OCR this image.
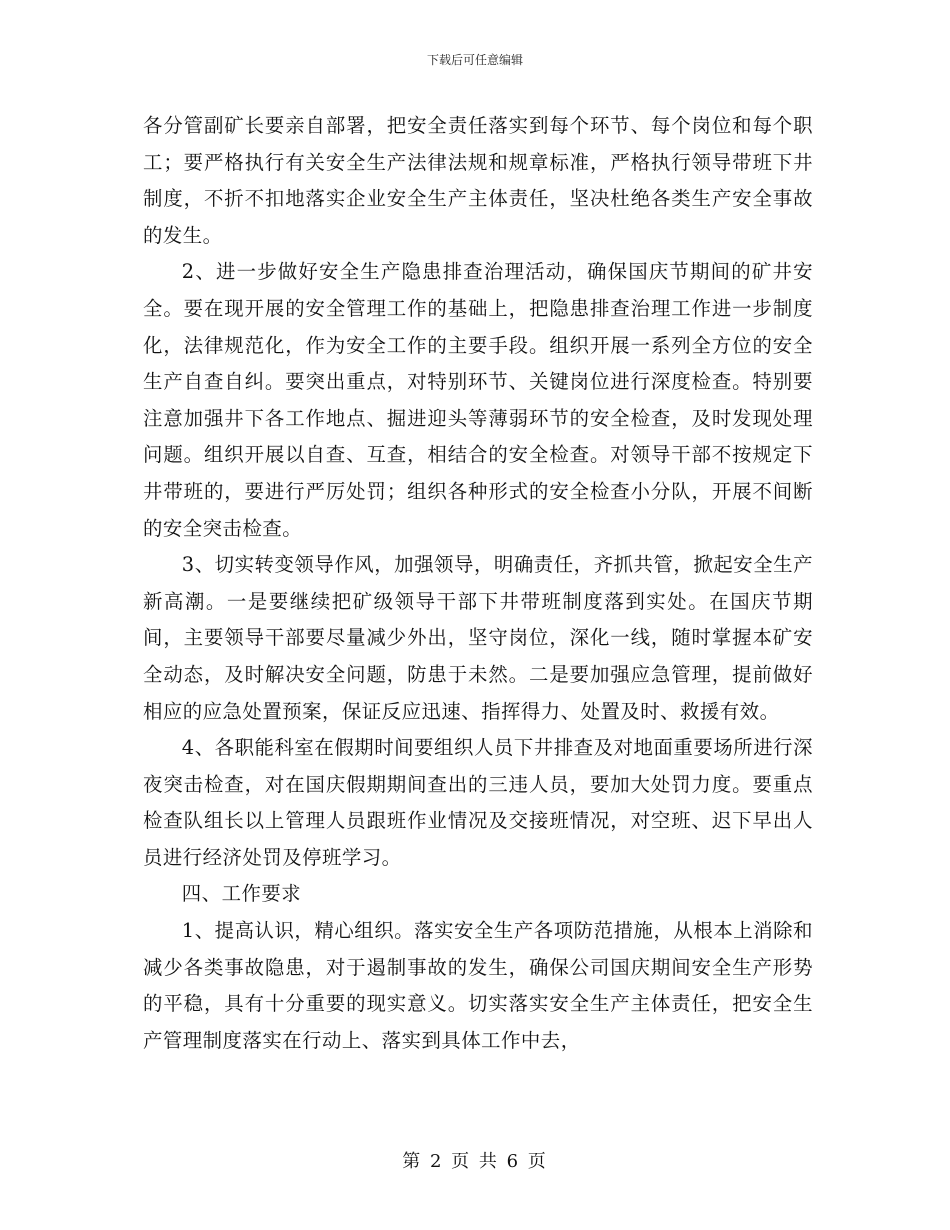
下载后可任意编辑

各分管副矿长要亲自部署，把安全责任落实到每个环节、每个岗位和每个职工；要严格执行有关安全生产法律法规和规章标准，严格执行领导带班下井制度，不折不扣地落实企业安全生产主体责任，坚决杜绝各类生产安全事故的发生。

2、进一步做好安全生产隐患排查治理活动，确保国庆节期间的矿井安全。要在现开展的安全管理工作的基础上，把隐患排查治理工作进一步制度化，法律规范化，作为安全工作的主要手段。组织开展一系列全方位的安全生产自查自纠。要突出重点，对特别环节、关键岗位进行深度检查。特别要注意加强井下各工作地点、掘进迎头等薄弱环节的安全检查，及时发现处理问题。组织开展以自查、互查，相结合的安全检查。对领导干部不按规定下井带班的，要进行严厉处罚；组织各种形式的安全检查小分队，开展不间断的安全突击检查。

3、切实转变领导作风，加强领导，明确责任，齐抓共管，掀起安全生产新高潮。一是要继续把矿级领导干部下井带班制度落到实处。在国庆节期间，主要领导干部要尽量减少外出，坚守岗位，深化一线，随时掌握本矿安全动态，及时解决安全问题，防患于未然。二是要加强应急管理，提前做好相应的应急处置预案，保证反应迅速、指挥得力、处置及时、救援有效。

4、各职能科室在假期时间要组织人员下井排查及对地面重要场所进行深夜突击检查，对在国庆假期期间查出的三违人员，要加大处罚力度。要重点检查队组长以上管理人员跟班作业情况及交接班情况，对空班、迟下早出人员进行经济处罚及停班学习。

四、工作要求

1、提高认识，精心组织。落实安全生产各项防范措施，从根本上消除和减少各类事故隐患，对于遏制事故的发生，确保公司国庆期间安全生产形势的平稳，具有十分重要的现实意义。切实落实安全生产主体责任，把安全生产管理制度落实在行动上、落实到具体工作中去，

第 2 页 共 6 页
